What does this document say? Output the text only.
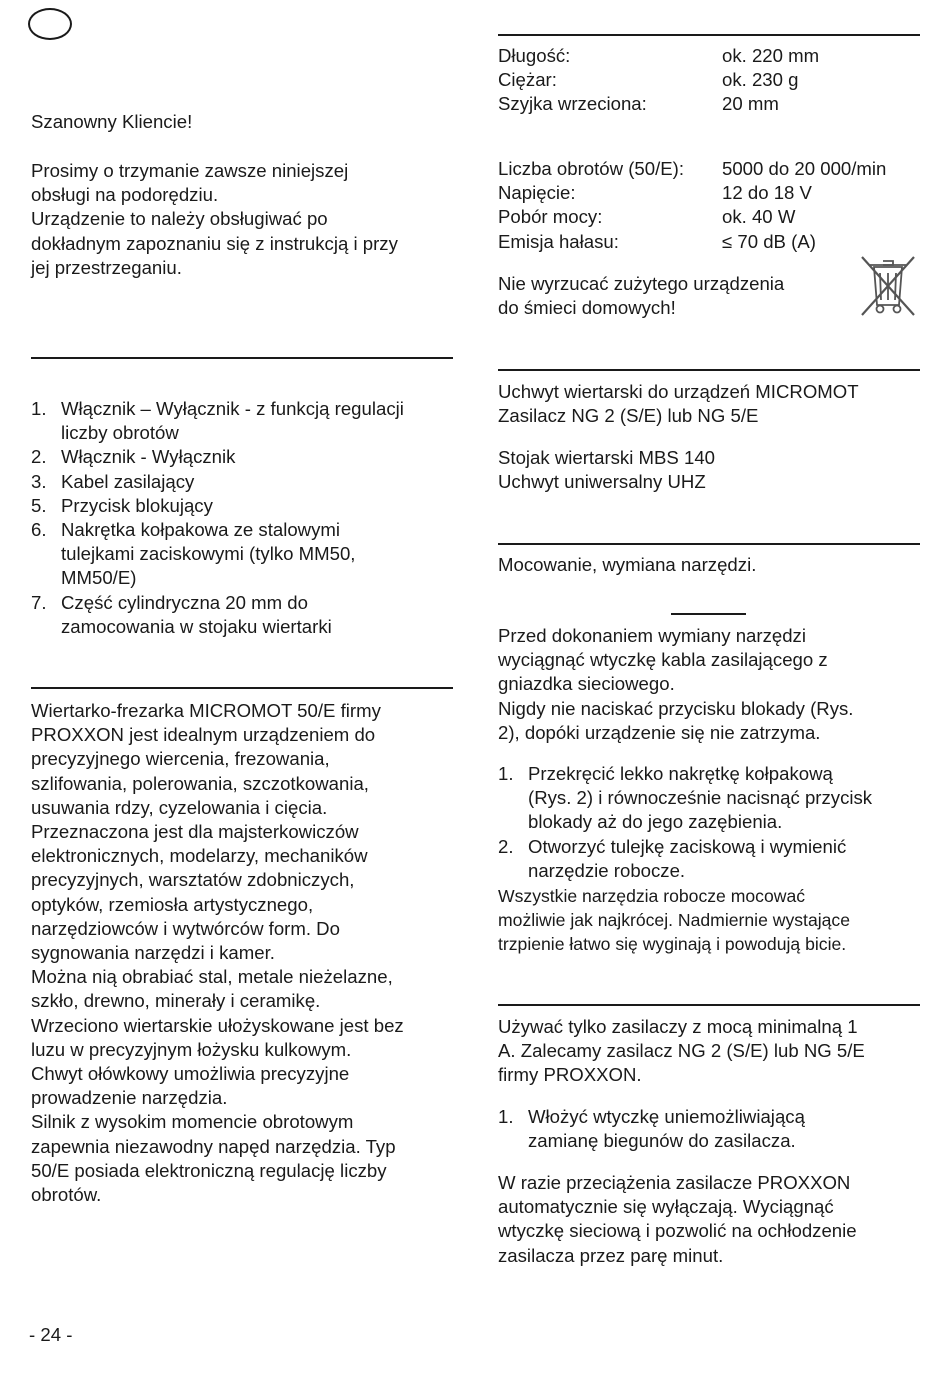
Szanowny Kliencie!

Prosimy o trzymanie zawsze niniejszej
obsługi na podorędziu.
Urządzenie to należy obsługiwać po
dokładnym zapoznaniu się z instrukcją i przy
jej przestrzeganiu.
1. Włącznik – Wyłącznik - z funkcją regulacji
liczby obrotów
2. Włącznik - Wyłącznik
3. Kabel zasilający
5. Przycisk blokujący
6. Nakrętka kołpakowa ze stalowymi
tulejkami zaciskowymi (tylko MM50,
MM50/E)
7. Część cylindryczna 20 mm do
zamocowania w stojaku wiertarki
Wiertarko-frezarka MICROMOT 50/E firmy
PROXXON jest idealnym urządzeniem do
precyzyjnego wiercenia, frezowania,
szlifowania, polerowania, szczotkowania,
usuwania rdzy, cyzelowania i cięcia.
Przeznaczona jest dla majsterkowiczów
elektronicznych, modelarzy, mechaników
precyzyjnych, warsztatów zdobniczych,
optyków, rzemiosła artystycznego,
narzędziowców i wytwórców form. Do
sygnowania narzędzi i kamer.
Można nią obrabiać stal, metale nieżelazne,
szkło, drewno, minerały i ceramikę.
Wrzeciono wiertarskie ułożyskowane jest bez
luzu w precyzyjnym łożysku kulkowym.
Chwyt ołówkowy umożliwia precyzyjne
prowadzenie narzędzia.
Silnik z wysokim momencie obrotowym
zapewnia niezawodny napęd narzędzia. Typ
50/E posiada elektroniczną regulację liczby
obrotów.
- 24 -
Długość:	ok. 220 mm
Ciężar:	ok. 230 g
Szyjka wrzeciona:	20 mm
Liczba obrotów (50/E):	5000 do 20 000/min
Napięcie:	12 do 18 V
Pobór mocy:	ok. 40 W
Emisja hałasu:	≤ 70 dB (A)
Nie wyrzucać zużytego urządzenia
do śmieci domowych!
Uchwyt wiertarski do urządzeń MICROMOT
Zasilacz NG 2 (S/E) lub NG 5/E
Stojak wiertarski MBS 140
Uchwyt uniwersalny UHZ
Mocowanie, wymiana narzędzi.
Przed dokonaniem wymiany narzędzi
wyciągnąć wtyczkę kabla zasilającego z
gniazdka sieciowego.
Nigdy nie naciskać przycisku blokady (Rys.
2), dopóki urządzenie się nie zatrzyma.
1. Przekręcić lekko nakrętkę kołpakową
(Rys. 2) i równocześnie nacisnąć przycisk
blokady aż do jego zazębienia.
2. Otworzyć tulejkę zaciskową i wymienić
narzędzie robocze.
Wszystkie narzędzia robocze mocować
możliwie jak najkrócej. Nadmiernie wystające
trzpienie łatwo się wyginają i powodują bicie.
Używać tylko zasilaczy z mocą minimalną 1
A. Zalecamy zasilacz NG 2 (S/E) lub NG 5/E
firmy PROXXON.
1. Włożyć wtyczkę uniemożliwiającą
zamianę biegunów do zasilacza.
W razie przeciążenia zasilacze PROXXON
automatycznie się wyłączają. Wyciągnąć
wtyczkę sieciową i pozwolić na ochłodzenie
zasilacza przez parę minut.
